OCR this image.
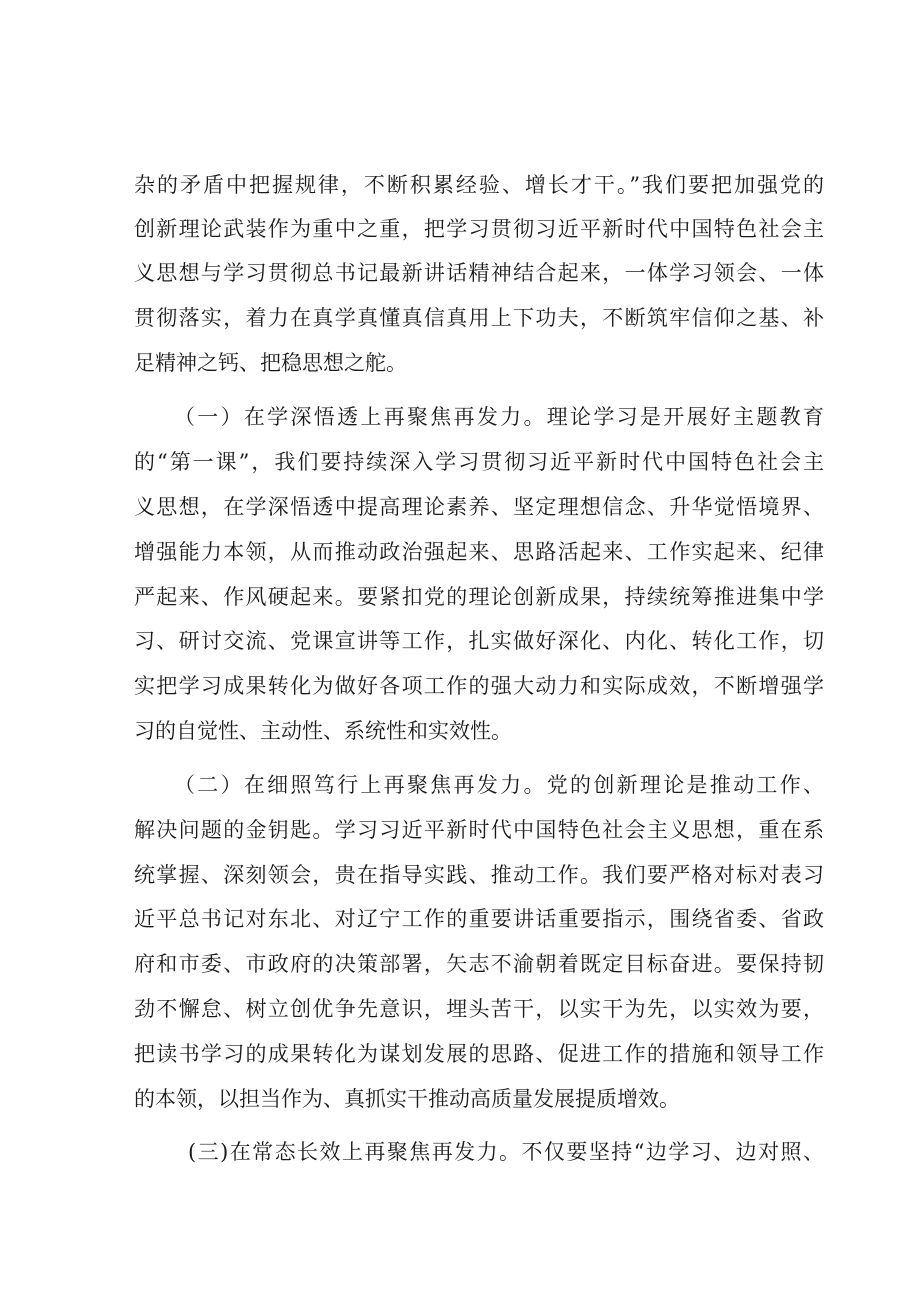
杂的矛盾中把握规律，不断积累经验、增长才干。”我们要把加强党的
创新理论武装作为重中之重，把学习贯彻习近平新时代中国特色社会主
义思想与学习贯彻总书记最新讲话精神结合起来，一体学习领会、一体
贯彻落实，着力在真学真懂真信真用上下功夫，不断筑牢信仰之基、补
足精神之钙、把稳思想之舵。
（一）在学深悟透上再聚焦再发力。理论学习是开展好主题教育
的“第一课”，我们要持续深入学习贯彻习近平新时代中国特色社会主
义思想，在学深悟透中提高理论素养、坚定理想信念、升华觉悟境界、
增强能力本领，从而推动政治强起来、思路活起来、工作实起来、纪律
严起来、作风硬起来。要紧扣党的理论创新成果，持续统筹推进集中学
习、研讨交流、党课宣讲等工作，扎实做好深化、内化、转化工作，切
实把学习成果转化为做好各项工作的强大动力和实际成效，不断增强学
习的自觉性、主动性、系统性和实效性。
（二）在细照笃行上再聚焦再发力。党的创新理论是推动工作、
解决问题的金钥匙。学习习近平新时代中国特色社会主义思想，重在系
统掌握、深刻领会，贵在指导实践、推动工作。我们要严格对标对表习
近平总书记对东北、对辽宁工作的重要讲话重要指示，围绕省委、省政
府和市委、市政府的决策部署，矢志不渝朝着既定目标奋进。要保持韧
劲不懈怠、树立创优争先意识，埋头苦干，以实干为先，以实效为要，
把读书学习的成果转化为谋划发展的思路、促进工作的措施和领导工作
的本领，以担当作为、真抓实干推动高质量发展提质增效。
(三)在常态长效上再聚焦再发力。不仅要坚持“边学习、边对照、
